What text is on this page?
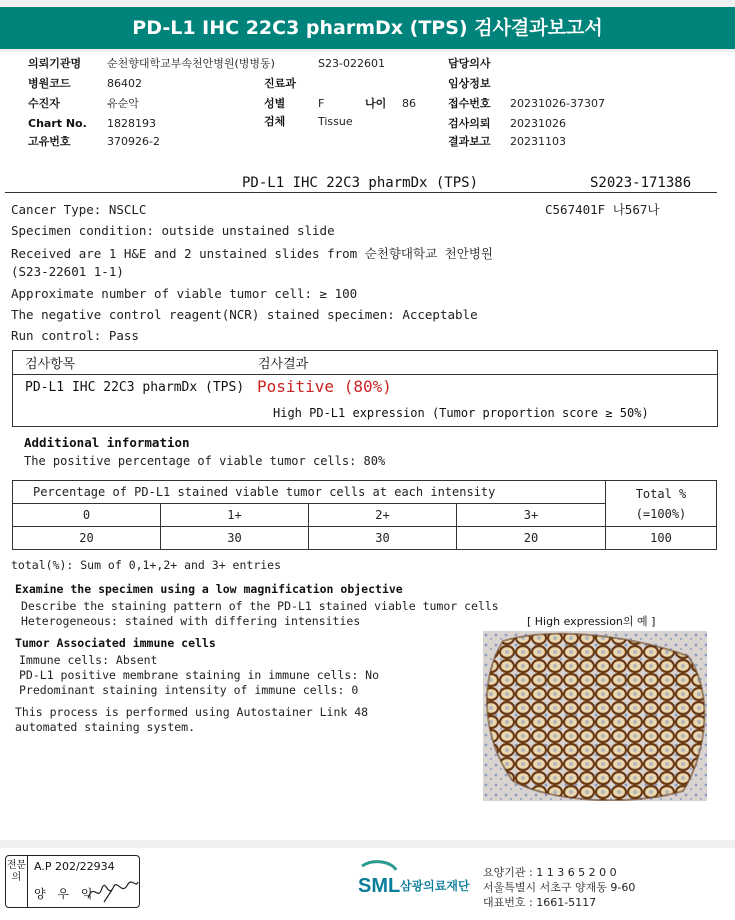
PD-L1 IHC 22C3 pharmDx (TPS) 검사결과보고서
의뢰기관명 순천향대학교부속천안병원(병병동)	S23-022601	담당의사
병원코드	86402	진료과	임상정보
수진자	유순악	성별	F	나이 86	접수번호 20231026-37307
Chart No. 1828193	검체	Tissue	검사의뢰 20231026
고유번호	370926-2	결과보고 20231103
PD-L1 IHC 22C3 pharmDx (TPS)	S2023-171386
C567401F 나567나
Cancer Type: NSCLC
Specimen condition: outside unstained slide
Received are 1 H&E and 2 unstained slides from 순천향대학교 천안병원
(S23-22601 1-1)
Approximate number of viable tumor cell: ≥ 100
The negative control reagent(NCR) stained specimen: Acceptable
Run control: Pass
검사항목	검사결과
PD-L1 IHC 22C3 pharmDx (TPS) Positive (80%)
High PD-L1 expression (Tumor proportion score ≥ 50%)
Additional information
The positive percentage of viable tumor cells: 80%
Percentage of PD-L1 stained viable tumor cells at each intensity				Total %
(=100%)

0	1+	2+	3+	
20	30	30	20	100
total(%): Sum of 0,1+,2+ and 3+ entries
Examine the specimen using a low magnification objective
Describe the staining pattern of the PD-L1 stained viable tumor cells
Heterogeneous: stained with differing intensities
Tumor Associated immune cells
Immune cells: Absent
PD-L1 positive membrane staining in immune cells: No
Predominant staining intensity of immune cells: 0
This process is performed using Autostainer Link 48
automated staining system.
[ High expression의 예 ]
전문의
A.P 202/22934
양 우 익	SML 삼광의료재단
요양기관 : 1 1 3 6 5 2 0 0
서울특별시 서초구 양재동 9-60
대표번호 : 1661-5117
